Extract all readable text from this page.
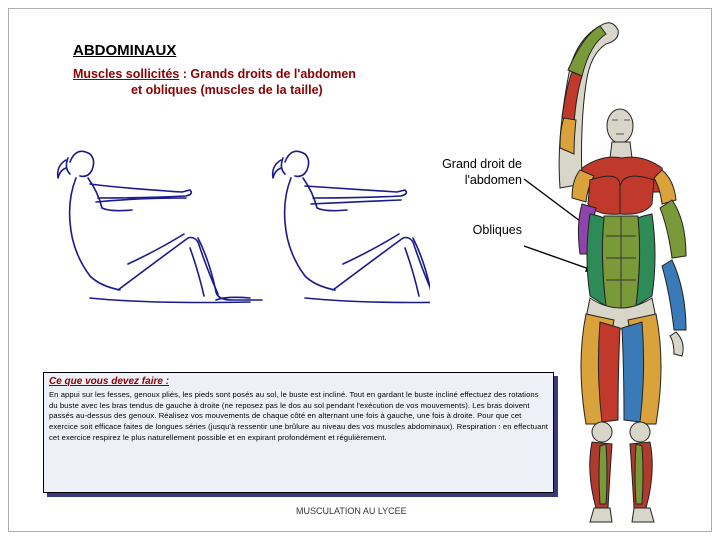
ABDOMINAUX
Muscles sollicités : Grands droits de l'abdomen
et obliques (muscles de la taille)
Grand droit de l'abdomen
Obliques
Ce que vous devez faire :
En appui sur les fesses, genoux pliés, les pieds sont posés au sol, le buste est incliné. Tout en gardant le buste incliné effectuez des rotations du buste avec les bras tendus de gauche à droite (ne reposez pas le dos au sol pendant l'exécution de vos mouvements). Les bras doivent passés au-dessus des genoux. Réalisez vos mouvements de chaque côté en alternant une fois à gauche, une fois à droite. Pour que cet exercice soit efficace faites de longues séries (jusqu'à ressentir une brûlure au niveau des vos muscles abdominaux). Respiration : en effectuant cet exercice respirez le plus naturellement possible et en expirant profondément et régulièrement.
MUSCULATION AU LYCEE
